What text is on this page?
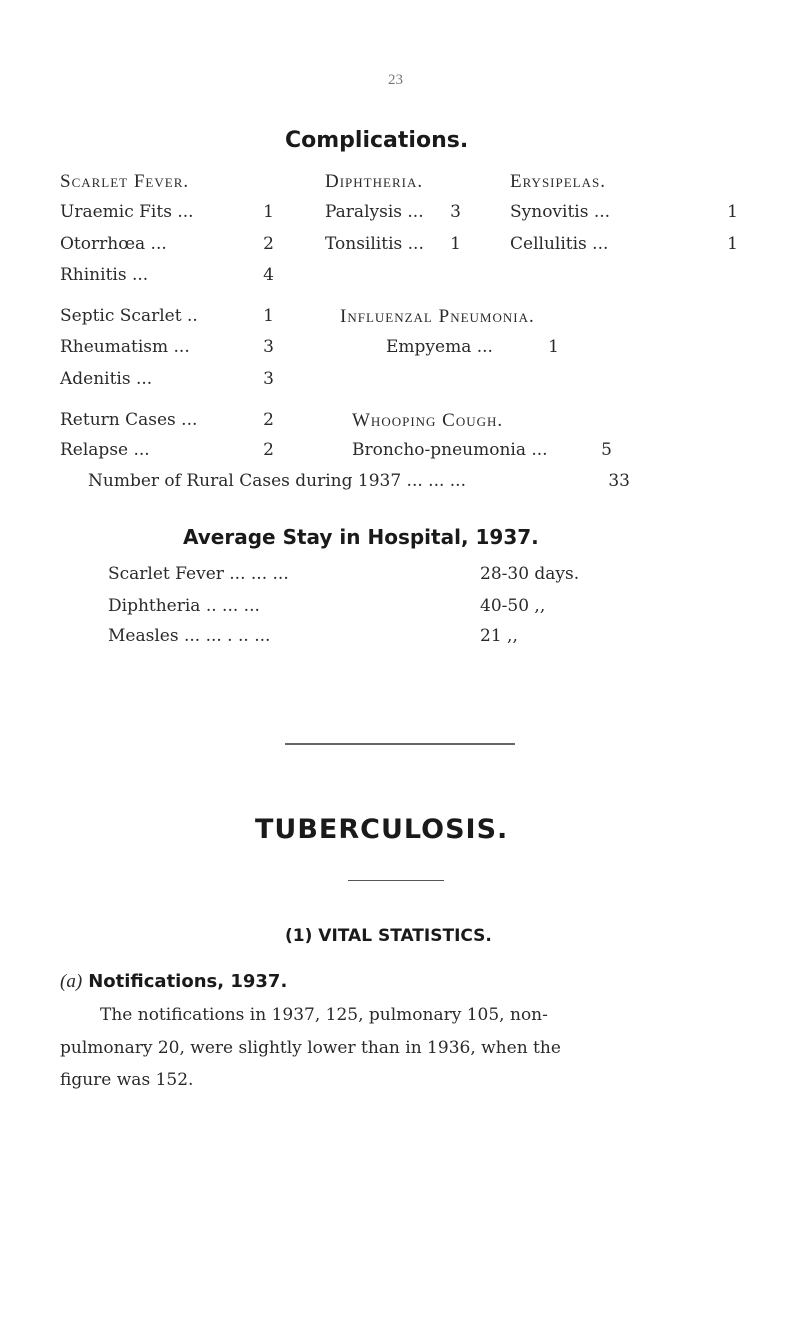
23
Complications.
Scarlet Fever.
Uraemic Fits ...	1
Otorrhœa ...	2
Rhinitis ...	4
Septic Scarlet ..	1
Rheumatism ...	3
Adenitis ...	3
Return Cases ...	2
Relapse ...	2
Diphtheria.
Paralysis ...	3
Tonsilitis ...	1
Erysipelas.
Synovitis ...	1
Cellulitis ...	1
Influenzal Pneumonia.
Empyema ...	1
Whooping Cough.
Broncho-pneumonia ...	5
Number of Rural Cases during 1937 ... ... ...	33
Average Stay in Hospital, 1937.
Scarlet Fever ... ... ...	28-30 days.
Diphtheria .. ... ...	40-50 ,,
Measles ... ... . .. ...	21 ,,
TUBERCULOSIS.
(1) VITAL STATISTICS.
(a) Notifications, 1937.
The notifications in 1937, 125, pulmonary 105, non-
pulmonary 20, were slightly lower than in 1936, when the
figure was 152.
